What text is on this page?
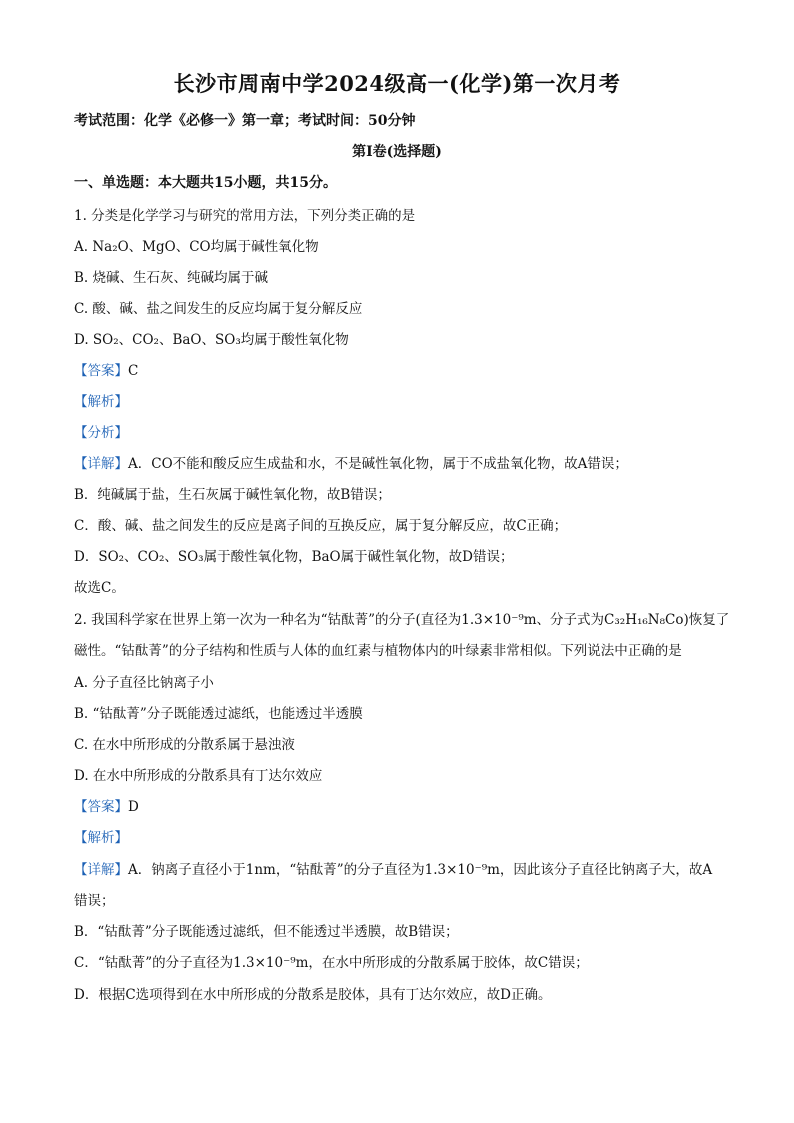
长沙市周南中学2024级高一(化学)第一次月考
考试范围：化学《必修一》第一章；考试时间：50分钟
第I卷(选择题)
一、单选题：本大题共15小题，共15分。
1. 分类是化学学习与研究的常用方法，下列分类正确的是
A. Na₂O、MgO、CO均属于碱性氧化物
B. 烧碱、生石灰、纯碱均属于碱
C. 酸、碱、盐之间发生的反应均属于复分解反应
D. SO₂、CO₂、BaO、SO₃均属于酸性氧化物
【答案】C
【解析】
【分析】
【详解】A．CO不能和酸反应生成盐和水，不是碱性氧化物，属于不成盐氧化物，故A错误；
B．纯碱属于盐，生石灰属于碱性氧化物，故B错误；
C．酸、碱、盐之间发生的反应是离子间的互换反应，属于复分解反应，故C正确；
D．SO₂、CO₂、SO₃属于酸性氧化物，BaO属于碱性氧化物，故D错误；
故选C。
2. 我国科学家在世界上第一次为一种名为“钴酞菁”的分子(直径为1.3×10⁻⁹m、分子式为C₃₂H₁₆N₈Co)恢复了
磁性。“钴酞菁”的分子结构和性质与人体的血红素与植物体内的叶绿素非常相似。下列说法中正确的是
A. 分子直径比钠离子小
B. “钴酞菁”分子既能透过滤纸，也能透过半透膜
C. 在水中所形成的分散系属于悬浊液
D. 在水中所形成的分散系具有丁达尔效应
【答案】D
【解析】
【详解】A．钠离子直径小于1nm，“钴酞菁”的分子直径为1.3×10⁻⁹m，因此该分子直径比钠离子大，故A
错误；
B．“钴酞菁”分子既能透过滤纸，但不能透过半透膜，故B错误；
C．“钴酞菁”的分子直径为1.3×10⁻⁹m，在水中所形成的分散系属于胶体，故C错误；
D．根据C选项得到在水中所形成的分散系是胶体，具有丁达尔效应，故D正确。
